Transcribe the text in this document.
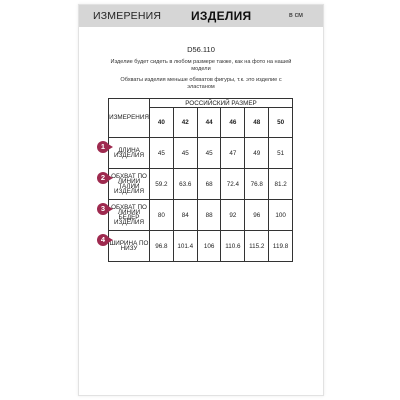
ИЗМЕРЕНИЯ ИЗДЕЛИЯ	в см
D56.110
Изделие будет сидеть в любом размере также, как на фото на нашей модели
Обхваты изделия меньше обхватов фигуры, т.к. это изделие с эластаном
ИЗМЕРЕНИЯ	РОССИЙСКИЙ РАЗМЕР					
	40	42	44	46	48	50
ДЛИНА ИЗДЕЛИЯ	45	45	45	47	49	51
ОБХВАТ ПО ЛИНИИ ТАЛИИ ИЗДЕЛИЯ	59.2	63.6	68	72.4	76.8	81.2
ОБХВАТ ПО ЛИНИИ БЕДЕР ИЗДЕЛИЯ	80	84	88	92	96	100
ШИРИНА ПО НИЗУ	96.8	101.4	106	110.6	115.2	119.8
1
2
3
4
